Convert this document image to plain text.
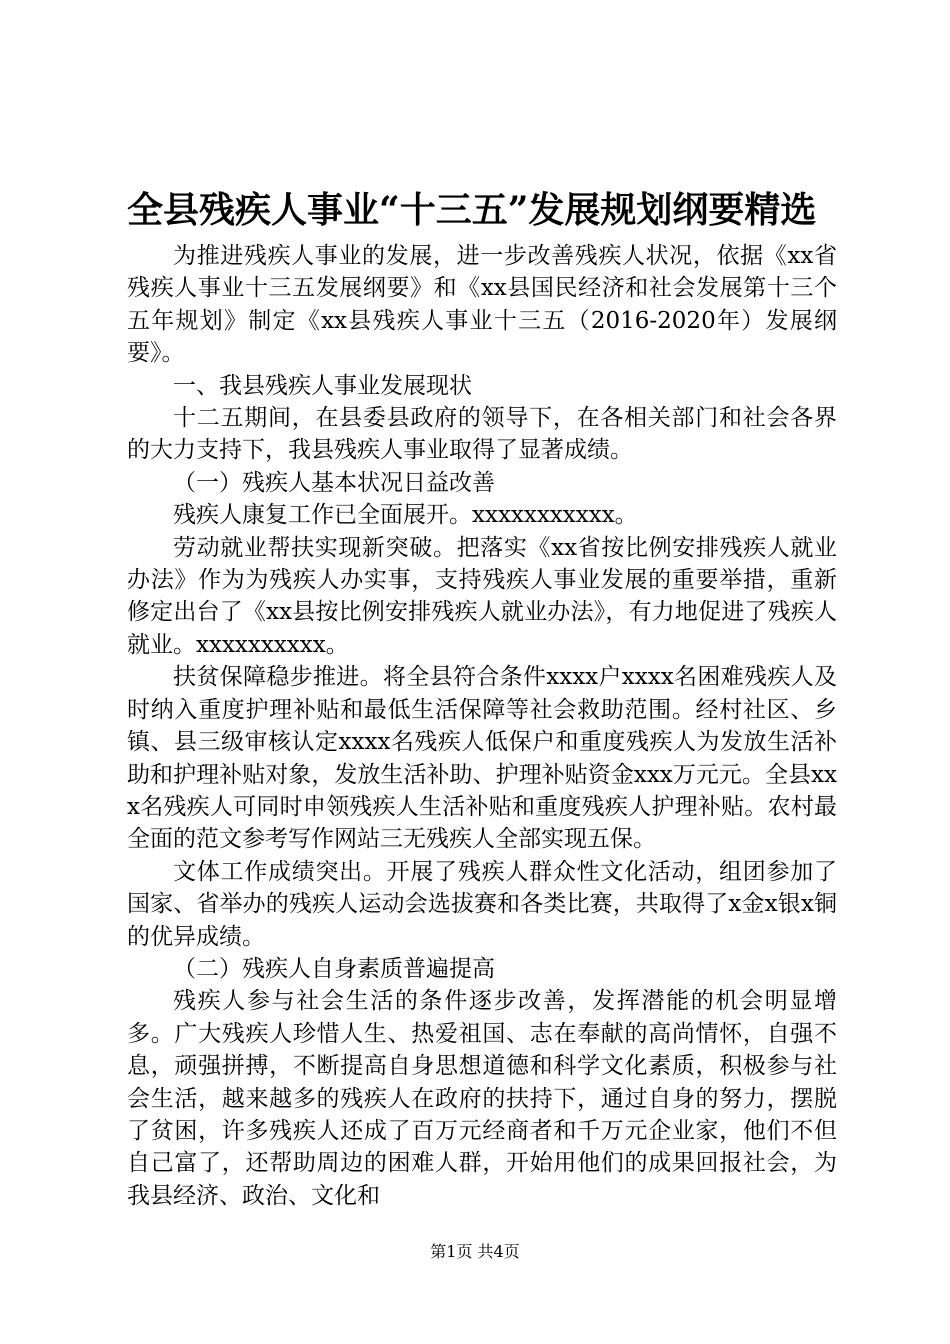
全县残疾人事业“十三五”发展规划纲要精选

为推进残疾人事业的发展，进一步改善残疾人状况，依据《xx省残疾人事业十三五发展纲要》和《xx县国民经济和社会发展第十三个五年规划》制定《xx县残疾人事业十三五（2016-2020年）发展纲要》。

一、我县残疾人事业发展现状

十二五期间，在县委县政府的领导下，在各相关部门和社会各界的大力支持下，我县残疾人事业取得了显著成绩。

（一）残疾人基本状况日益改善

残疾人康复工作已全面展开。xxxxxxxxxxx。

劳动就业帮扶实现新突破。把落实《xx省按比例安排残疾人就业办法》作为为残疾人办实事，支持残疾人事业发展的重要举措，重新修定出台了《xx县按比例安排残疾人就业办法》，有力地促进了残疾人就业。xxxxxxxxxx。

扶贫保障稳步推进。将全县符合条件xxxx户xxxx名困难残疾人及时纳入重度护理补贴和最低生活保障等社会救助范围。经村社区、乡镇、县三级审核认定xxxx名残疾人低保户和重度残疾人为发放生活补助和护理补贴对象，发放生活补助、护理补贴资金xxx万元元。全县xxx名残疾人可同时申领残疾人生活补贴和重度残疾人护理补贴。农村最全面的范文参考写作网站三无残疾人全部实现五保。

文体工作成绩突出。开展了残疾人群众性文化活动，组团参加了国家、省举办的残疾人运动会选拔赛和各类比赛，共取得了x金x银x铜的优异成绩。

（二）残疾人自身素质普遍提高

残疾人参与社会生活的条件逐步改善，发挥潜能的机会明显增多。广大残疾人珍惜人生、热爱祖国、志在奉献的高尚情怀，自强不息，顽强拼搏，不断提高自身思想道德和科学文化素质，积极参与社会生活，越来越多的残疾人在政府的扶持下，通过自身的努力，摆脱了贫困，许多残疾人还成了百万元经商者和千万元企业家，他们不但自己富了，还帮助周边的困难人群，开始用他们的成果回报社会，为我县经济、政治、文化和

第1页 共4页
